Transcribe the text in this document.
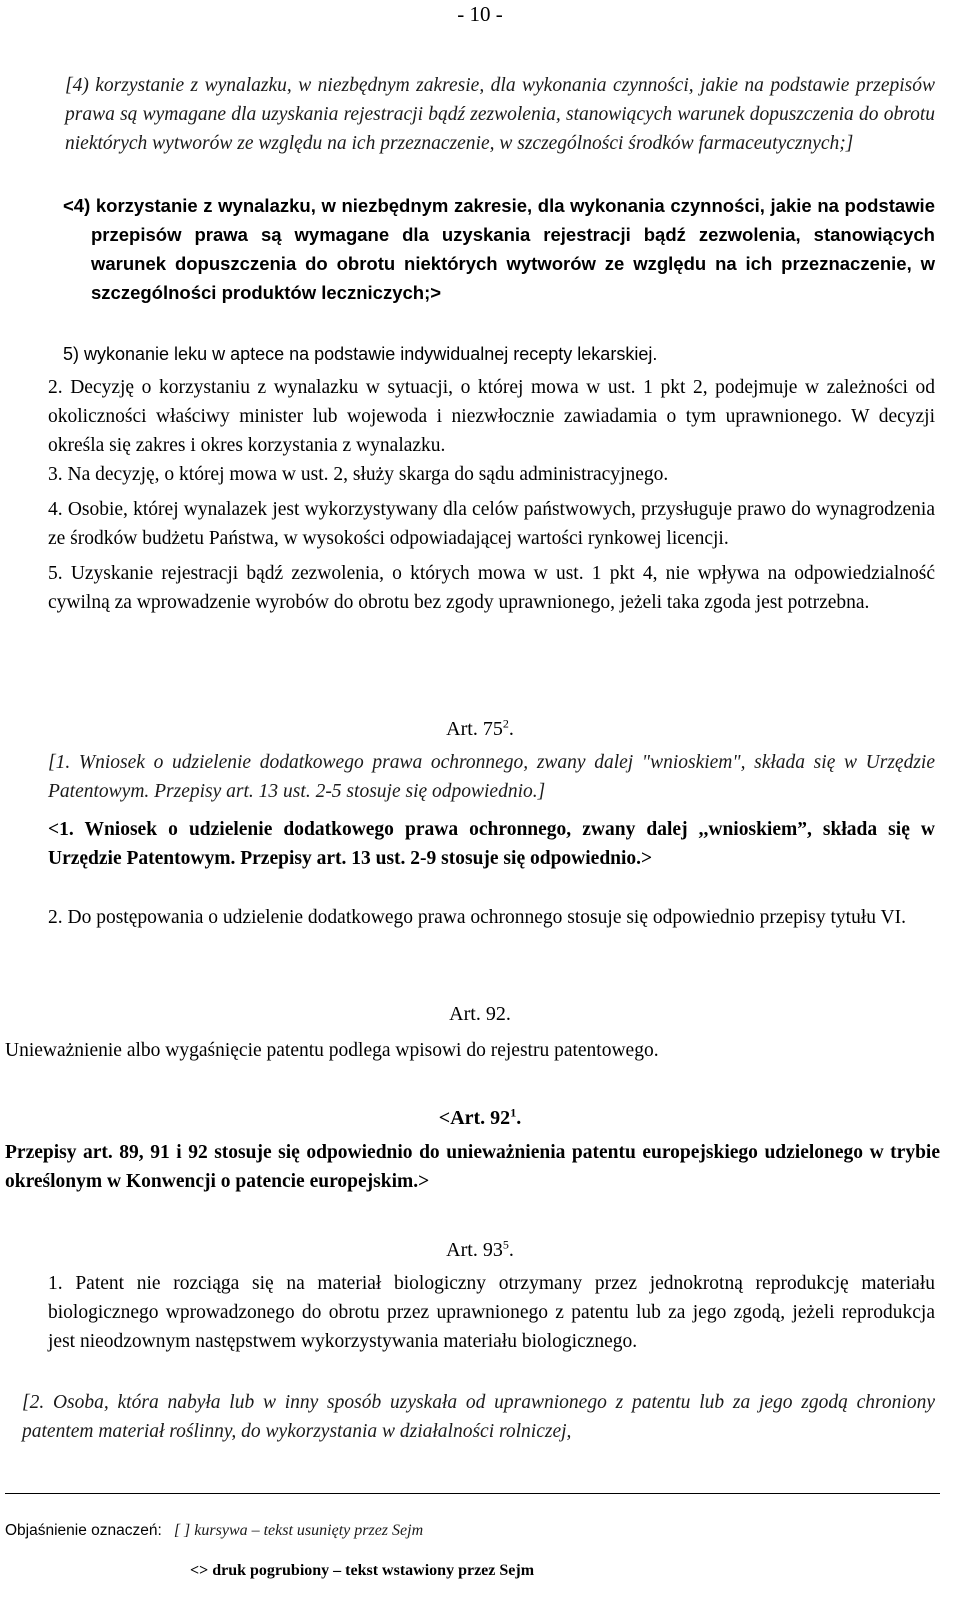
- 10 -
[4) korzystanie z wynalazku, w niezbędnym zakresie, dla wykonania czynności, jakie na podstawie przepisów prawa są wymagane dla uzyskania rejestracji bądź zezwolenia, stanowiących warunek dopuszczenia do obrotu niektórych wytworów ze względu na ich przeznaczenie, w szczególności środków farmaceutycznych;]
<4) korzystanie z wynalazku, w niezbędnym zakresie, dla wykonania czynności, jakie na podstawie przepisów prawa są wymagane dla uzyskania rejestracji bądź zezwolenia, stanowiących warunek dopuszczenia do obrotu niektórych wytworów ze względu na ich przeznaczenie, w szczególności produktów leczniczych;>
5) wykonanie leku w aptece na podstawie indywidualnej recepty lekarskiej.
2. Decyzję o korzystaniu z wynalazku w sytuacji, o której mowa w ust. 1 pkt 2, podejmuje w zależności od okoliczności właściwy minister lub wojewoda i niezwłocznie zawiadamia o tym uprawnionego. W decyzji określa się zakres i okres korzystania z wynalazku.
3. Na decyzję, o której mowa w ust. 2, służy skarga do sądu administracyjnego.
4. Osobie, której wynalazek jest wykorzystywany dla celów państwowych, przysługuje prawo do wynagrodzenia ze środków budżetu Państwa, w wysokości odpowiadającej wartości rynkowej licencji.
5. Uzyskanie rejestracji bądź zezwolenia, o których mowa w ust. 1 pkt 4, nie wpływa na odpowiedzialność cywilną za wprowadzenie wyrobów do obrotu bez zgody uprawnionego, jeżeli taka zgoda jest potrzebna.
Art. $75^2$.
[1. Wniosek o udzielenie dodatkowego prawa ochronnego, zwany dalej "wnioskiem", składa się w Urzędzie Patentowym. Przepisy art. 13 ust. 2-5 stosuje się odpowiednio.]
<1. Wniosek o udzielenie dodatkowego prawa ochronnego, zwany dalej ,,wnioskiem”, składa się w Urzędzie Patentowym. Przepisy art. 13 ust. 2-9 stosuje się odpowiednio.>
2. Do postępowania o udzielenie dodatkowego prawa ochronnego stosuje się odpowiednio przepisy tytułu VI.
Art. 92.
Unieważnienie albo wygaśnięcie patentu podlega wpisowi do rejestru patentowego.
<Art. $92^1$.
Przepisy art. 89, 91 i 92 stosuje się odpowiednio do unieważnienia patentu europejskiego udzielonego w trybie określonym w Konwencji o patencie europejskim.>
Art. $93^5$.
1. Patent nie rozciąga się na materiał biologiczny otrzymany przez jednokrotną reprodukcję materiału biologicznego wprowadzonego do obrotu przez uprawnionego z patentu lub za jego zgodą, jeżeli reprodukcja jest nieodzownym następstwem wykorzystywania materiału biologicznego.
[2. Osoba, która nabyła lub w inny sposób uzyskała od uprawnionego z patentu lub za jego zgodą chroniony patentem materiał roślinny, do wykorzystania w działalności rolniczej,
Objaśnienie oznaczeń: [ ] kursywa – tekst usunięty przez Sejm
<> druk pogrubiony – tekst wstawiony przez Sejm
